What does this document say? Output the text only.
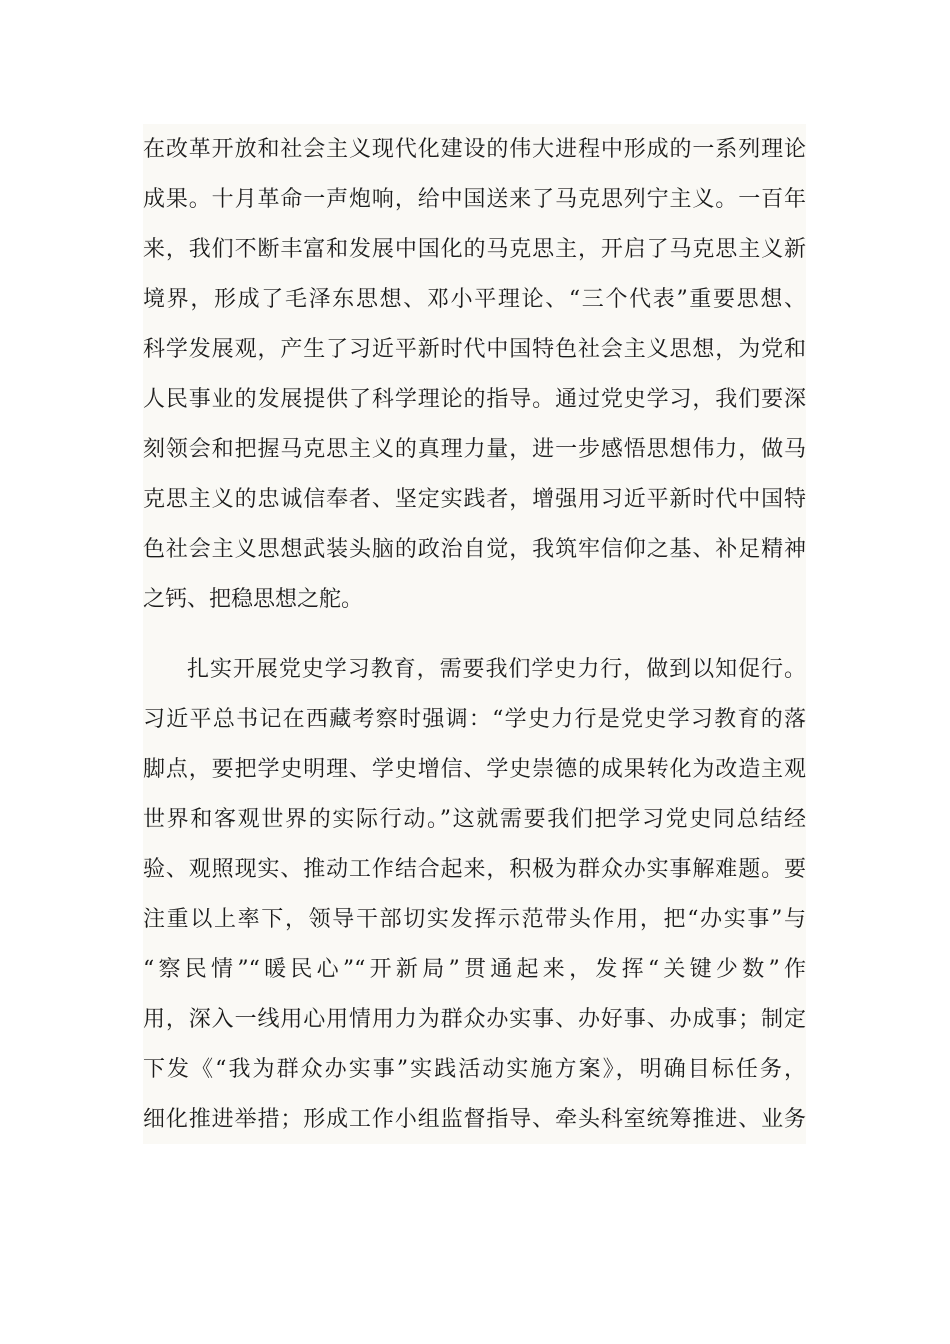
在改革开放和社会主义现代化建设的伟大进程中形成的一系列理论
成果。十月革命一声炮响，给中国送来了马克思列宁主义。一百年
来，我们不断丰富和发展中国化的马克思主，开启了马克思主义新
境界，形成了毛泽东思想、邓小平理论、“三个代表”重要思想、
科学发展观，产生了习近平新时代中国特色社会主义思想，为党和
人民事业的发展提供了科学理论的指导。通过党史学习，我们要深
刻领会和把握马克思主义的真理力量，进一步感悟思想伟力，做马
克思主义的忠诚信奉者、坚定实践者，增强用习近平新时代中国特
色社会主义思想武装头脑的政治自觉，我筑牢信仰之基、补足精神
之钙、把稳思想之舵。
扎实开展党史学习教育，需要我们学史力行，做到以知促行。
习近平总书记在西藏考察时强调：“学史力行是党史学习教育的落
脚点，要把学史明理、学史增信、学史崇德的成果转化为改造主观
世界和客观世界的实际行动。”这就需要我们把学习党史同总结经
验、观照现实、推动工作结合起来，积极为群众办实事解难题。要
注重以上率下，领导干部切实发挥示范带头作用，把“办实事”与
“察民情”“暖民心”“开新局”贯通起来，发挥“关键少数”作
用，深入一线用心用情用力为群众办实事、办好事、办成事；制定
下发《“我为群众办实事”实践活动实施方案》，明确目标任务，
细化推进举措；形成工作小组监督指导、牵头科室统筹推进、业务
